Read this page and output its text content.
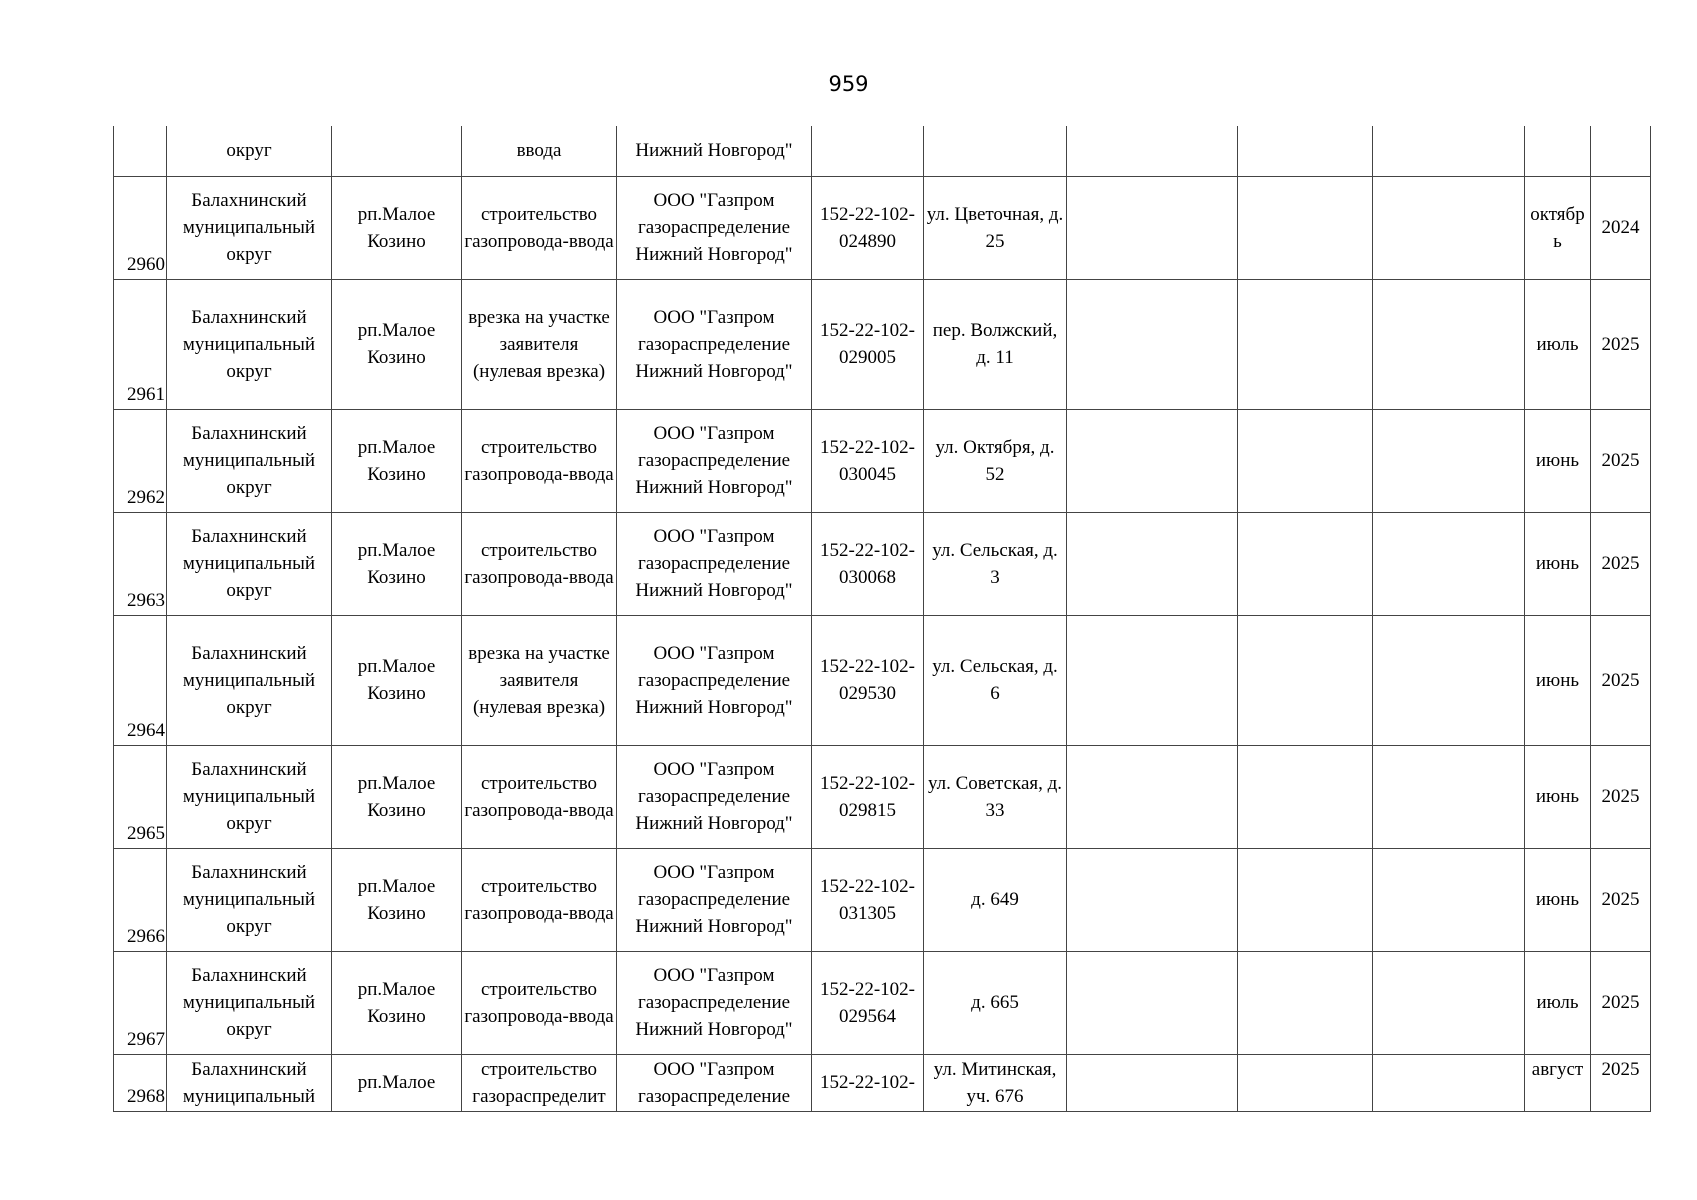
959
	округ		ввода	Нижний Новгород"							
2960	Балахнинский муниципальный округ	рп.Малое Козино	строительство газопровода-ввода	ООО "Газпром газораспределение Нижний Новгород"	152-22-102-024890	ул. Цветочная, д. 25				октябрь	2024
2961	Балахнинский муниципальный округ	рп.Малое Козино	врезка на участке заявителя (нулевая врезка)	ООО "Газпром газораспределение Нижний Новгород"	152-22-102-029005	пер. Волжский, д. 11				июль	2025
2962	Балахнинский муниципальный округ	рп.Малое Козино	строительство газопровода-ввода	ООО "Газпром газораспределение Нижний Новгород"	152-22-102-030045	ул. Октября, д. 52				июнь	2025
2963	Балахнинский муниципальный округ	рп.Малое Козино	строительство газопровода-ввода	ООО "Газпром газораспределение Нижний Новгород"	152-22-102-030068	ул. Сельская, д. 3				июнь	2025
2964	Балахнинский муниципальный округ	рп.Малое Козино	врезка на участке заявителя (нулевая врезка)	ООО "Газпром газораспределение Нижний Новгород"	152-22-102-029530	ул. Сельская, д. 6				июнь	2025
2965	Балахнинский муниципальный округ	рп.Малое Козино	строительство газопровода-ввода	ООО "Газпром газораспределение Нижний Новгород"	152-22-102-029815	ул. Советская, д. 33				июнь	2025
2966	Балахнинский муниципальный округ	рп.Малое Козино	строительство газопровода-ввода	ООО "Газпром газораспределение Нижний Новгород"	152-22-102-031305	д. 649				июнь	2025
2967	Балахнинский муниципальный округ	рп.Малое Козино	строительство газопровода-ввода	ООО "Газпром газораспределение Нижний Новгород"	152-22-102-029564	д. 665				июль	2025
2968	Балахнинский муниципальный	рп.Малое	строительство газораспределит	ООО "Газпром газораспределение	152-22-102-	ул. Митинская, уч. 676				август	2025
